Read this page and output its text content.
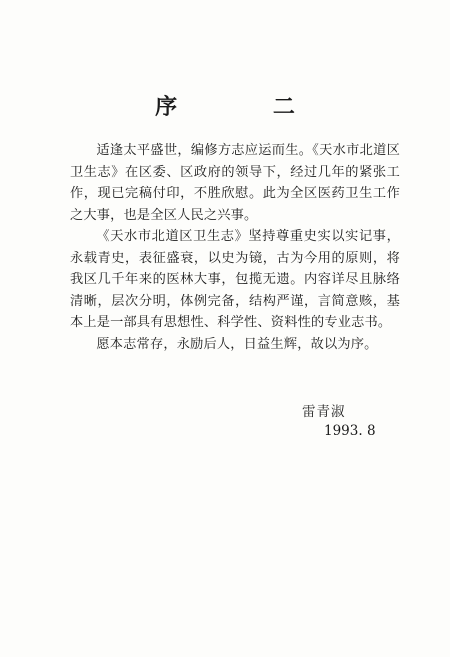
序 二

适逢太平盛世，编修方志应运而生。《天水市北道区卫生志》在区委、区政府的领导下，经过几年的紧张工作，现已完稿付印，不胜欣慰。此为全区医药卫生工作之大事，也是全区人民之兴事。

《天水市北道区卫生志》坚持尊重史实以实记事，永载青史，表征盛衰，以史为镜，古为今用的原则，将我区几千年来的医林大事，包揽无遗。内容详尽且脉络清晰，层次分明，体例完备，结构严谨，言简意赅，基本上是一部具有思想性、科学性、资料性的专业志书。

愿本志常存，永励后人，日益生辉，故以为序。

雷青淑
1993. 8
